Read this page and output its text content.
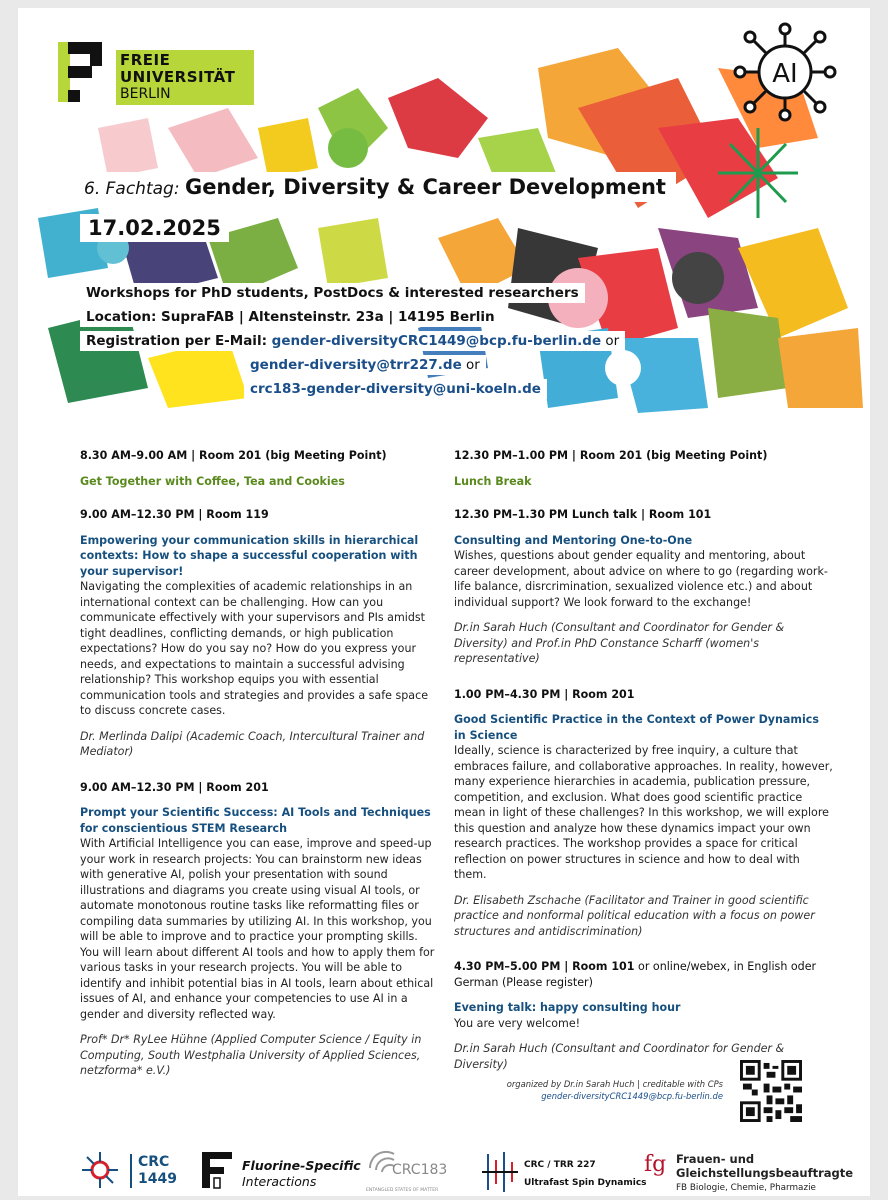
FREIE
UNIVERSITÄT
BERLIN
AI
6. Fachtag: Gender, Diversity & Career Development
17.02.2025
Workshops for PhD students, PostDocs & interested researchers
Location: SupraFAB | Altensteinstr. 23a | 14195 Berlin
Registration per E-Mail: gender-diversityCRC1449@bcp.fu-berlin.de or
gender-diversity@trr227.de or
crc183-gender-diversity@uni-koeln.de
8.30 AM–9.00 AM | Room 201 (big Meeting Point)
Get Together with Coffee, Tea and Cookies
9.00 AM–12.30 PM | Room 119
Empowering your communication skills in hierarchical contexts: How to shape a successful cooperation with your supervisor!
Navigating the complexities of academic relationships in an international context can be challenging. How can you communicate effectively with your supervisors and PIs amidst tight deadlines, conflicting demands, or high publication expectations? How do you say no? How do you express your needs, and expectations to maintain a successful advising relationship? This workshop equips you with essential communication tools and strategies and provides a safe space to discuss concrete cases.
Dr. Merlinda Dalipi (Academic Coach, Intercultural Trainer and Mediator)
9.00 AM–12.30 PM | Room 201
Prompt your Scientific Success: AI Tools and Techniques for conscientious STEM Research
With Artificial Intelligence you can ease, improve and speed-up your work in research projects: You can brainstorm new ideas with generative AI, polish your presentation with sound illustrations and diagrams you create using visual AI tools, or automate monotonous routine tasks like reformatting files or compiling data summaries by utilizing AI. In this workshop, you will be able to improve and to practice your prompting skills. You will learn about different AI tools and how to apply them for various tasks in your research projects. You will be able to identify and inhibit potential bias in AI tools, learn about ethical issues of AI, and enhance your competencies to use AI in a gender and diversity reflected way.
Prof* Dr* RyLee Hühne (Applied Computer Science / Equity in Computing, South Westphalia University of Applied Sciences, netzforma* e.V.)
12.30 PM–1.00 PM | Room 201 (big Meeting Point)
Lunch Break
12.30 PM–1.30 PM Lunch talk | Room 101
Consulting and Mentoring One-to-One
Wishes, questions about gender equality and mentoring, about career development, about advice on where to go (regarding work-life balance, disrcrimination, sexualized violence etc.) and about individual support? We look forward to the exchange!
Dr.in Sarah Huch (Consultant and Coordinator for Gender & Diversity) and Prof.in PhD Constance Scharff (women's representative)
1.00 PM–4.30 PM | Room 201
Good Scientific Practice in the Context of Power Dynamics in Science
Ideally, science is characterized by free inquiry, a culture that embraces failure, and collaborative approaches. In reality, however, many experience hierarchies in academia, publication pressure, competition, and exclusion. What does good scientific practice mean in light of these challenges? In this workshop, we will explore this question and analyze how these dynamics impact your own research practices. The workshop provides a space for critical reflection on power structures in science and how to deal with them.
Dr. Elisabeth Zschache (Facilitator and Trainer in good scientific practice and nonformal political education with a focus on power structures and antidiscrimination)
4.30 PM–5.00 PM | Room 101 or online/webex, in English oder German (Please register)
Evening talk: happy consulting hour
You are very welcome!
Dr.in Sarah Huch (Consultant and Coordinator for Gender & Diversity)
organized by Dr.in Sarah Huch | creditable with CPs
gender-diversityCRC1449@bcp.fu-berlin.de
CRC
1449
Fluorine-Specific
Interactions
CRC183
ENTANGLED STATES OF MATTER
CRC / TRR 227
Ultrafast Spin Dynamics
fg Frauen- und
Gleichstellungsbeauftragte
FB Biologie, Chemie, Pharmazie
